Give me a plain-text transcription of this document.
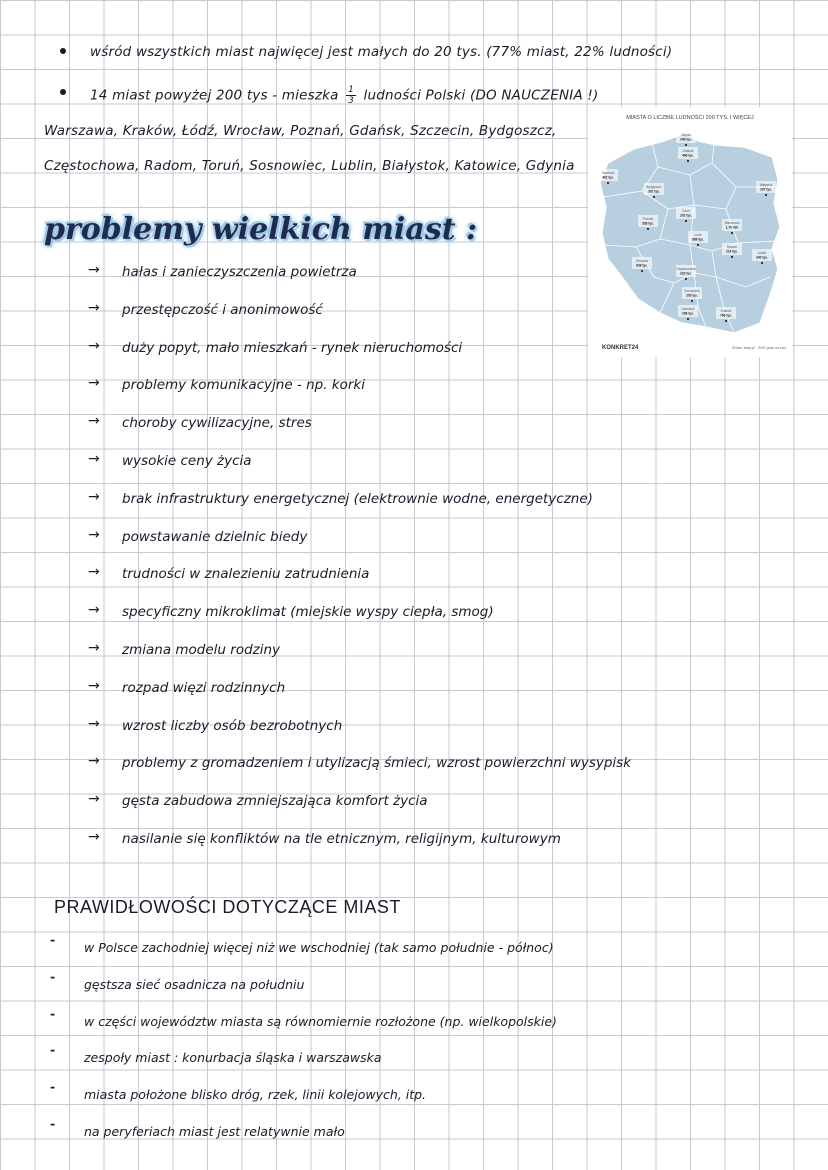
wśród wszystkich miast najwięcej jest małych do 20 tys. (77% miast, 22% ludności)
14 miast powyżej 200 tys - mieszka $\frac{1}{3}$ ludności Polski (DO NAUCZENIA !)
Warszawa, Kraków, Łódź, Wrocław, Poznań, Gdańsk, Szczecin, Bydgoszcz,
Częstochowa, Radom, Toruń, Sosnowiec, Lublin, Białystok, Katowice, Gdynia
problemy wielkich miast :
→ hałas i zanieczyszczenia powietrza
→ przestępczość i anonimowość
→ duży popyt, mało mieszkań - rynek nieruchomości
→ problemy komunikacyjne - np. korki
→ choroby cywilizacyjne, stres
→ wysokie ceny życia
→ brak infrastruktury energetycznej (elektrownie wodne, energetyczne)
→ powstawanie dzielnic biedy
→ trudności w znalezieniu zatrudnienia
→ specyficzny mikroklimat (miejskie wyspy ciepła, smog)
→ zmiana modelu rodziny
→ rozpad więzi rodzinnych
→ wzrost liczby osób bezrobotnych
→ problemy z gromadzeniem i utylizacją śmieci, wzrost powierzchni wysypisk
→ gęsta zabudowa zmniejszająca komfort życia
→ nasilanie się konfliktów na tle etnicznym, religijnym, kulturowym
PRAWIDŁOWOŚCI DOTYCZĄCE MIAST
-
w Polsce zachodniej więcej niż we wschodniej (tak samo południe - północ)
-
gęstsza sieć osadnicza na południu
-
w części województw miasta są równomiernie rozłożone (np. wielkopolskie)
-
zespoły miast : konurbacja śląska i warszawska
-
miasta położone blisko dróg, rzek, linii kolejowych, itp.
-
na peryferiach miast jest relatywnie mało
MIASTA O LICZBIE LUDNOŚCI 200 TYS. I WIĘCEJ
Gdańsk
466 tys.
Gdynia
246 tys.
Szczecin
402 tys.
Bydgoszcz
351 tys.
Toruń
202 tys.
Białystok
297 tys.
Poznań
538 tys.	Warszawa
1,76 mln
Łódź
688 tys.
Wrocław
638 tys.
Radom
214 tys.	Lublin
340 tys.
Częstochowa
222 tys.
Sosnowiec
203 tys.
Katowice
296 tys.
Kraków
766 tys.
KONKRET24	Źródło: bazy.pl · GUS (stan na rok)
